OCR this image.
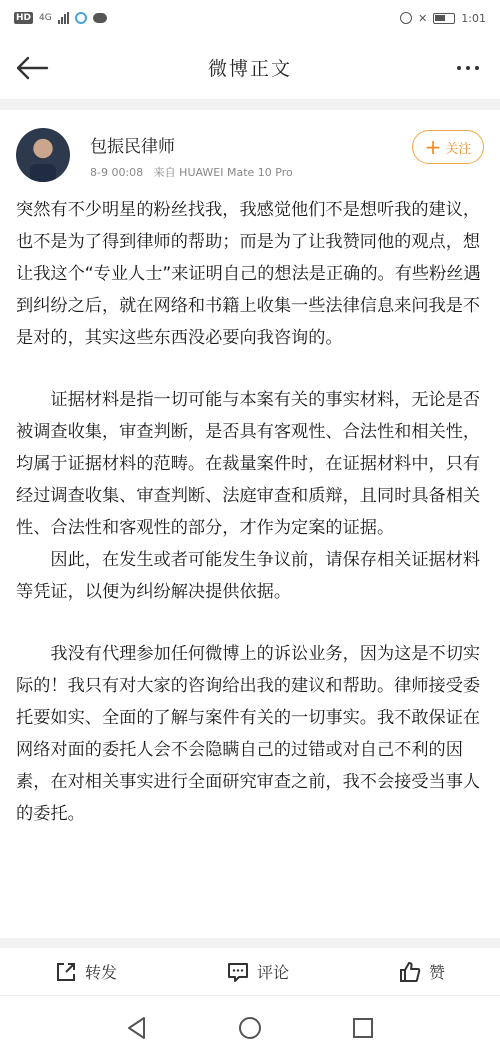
HD 4G	✕	1:01
微博正文
包振民律师
8-9 00:08 来自 HUAWEI Mate 10 Pro
+ 关注

突然有不少明星的粉丝找我，我感觉他们不是想听我的建议，也不是为了得到律师的帮助；而是为了让我赞同他的观点，想让我这个“专业人士”来证明自己的想法是正确的。有些粉丝遇到纠纷之后，就在网络和书籍上收集一些法律信息来问我是不是对的，其实这些东西没必要向我咨询的。

证据材料是指一切可能与本案有关的事实材料，无论是否被调查收集，审查判断，是否具有客观性、合法性和相关性，均属于证据材料的范畴。在裁量案件时，在证据材料中，只有经过调查收集、审查判断、法庭审查和质辩，且同时具备相关性、合法性和客观性的部分，才作为定案的证据。

因此，在发生或者可能发生争议前，请保存相关证据材料等凭证，以便为纠纷解决提供依据。

我没有代理参加任何微博上的诉讼业务，因为这是不切实际的！我只有对大家的咨询给出我的建议和帮助。律师接受委托要如实、全面的了解与案件有关的一切事实。我不敢保证在网络对面的委托人会不会隐瞒自己的过错或对自己不利的因素，在对相关事实进行全面研究审查之前，我不会接受当事人的委托。

转发	评论	赞
